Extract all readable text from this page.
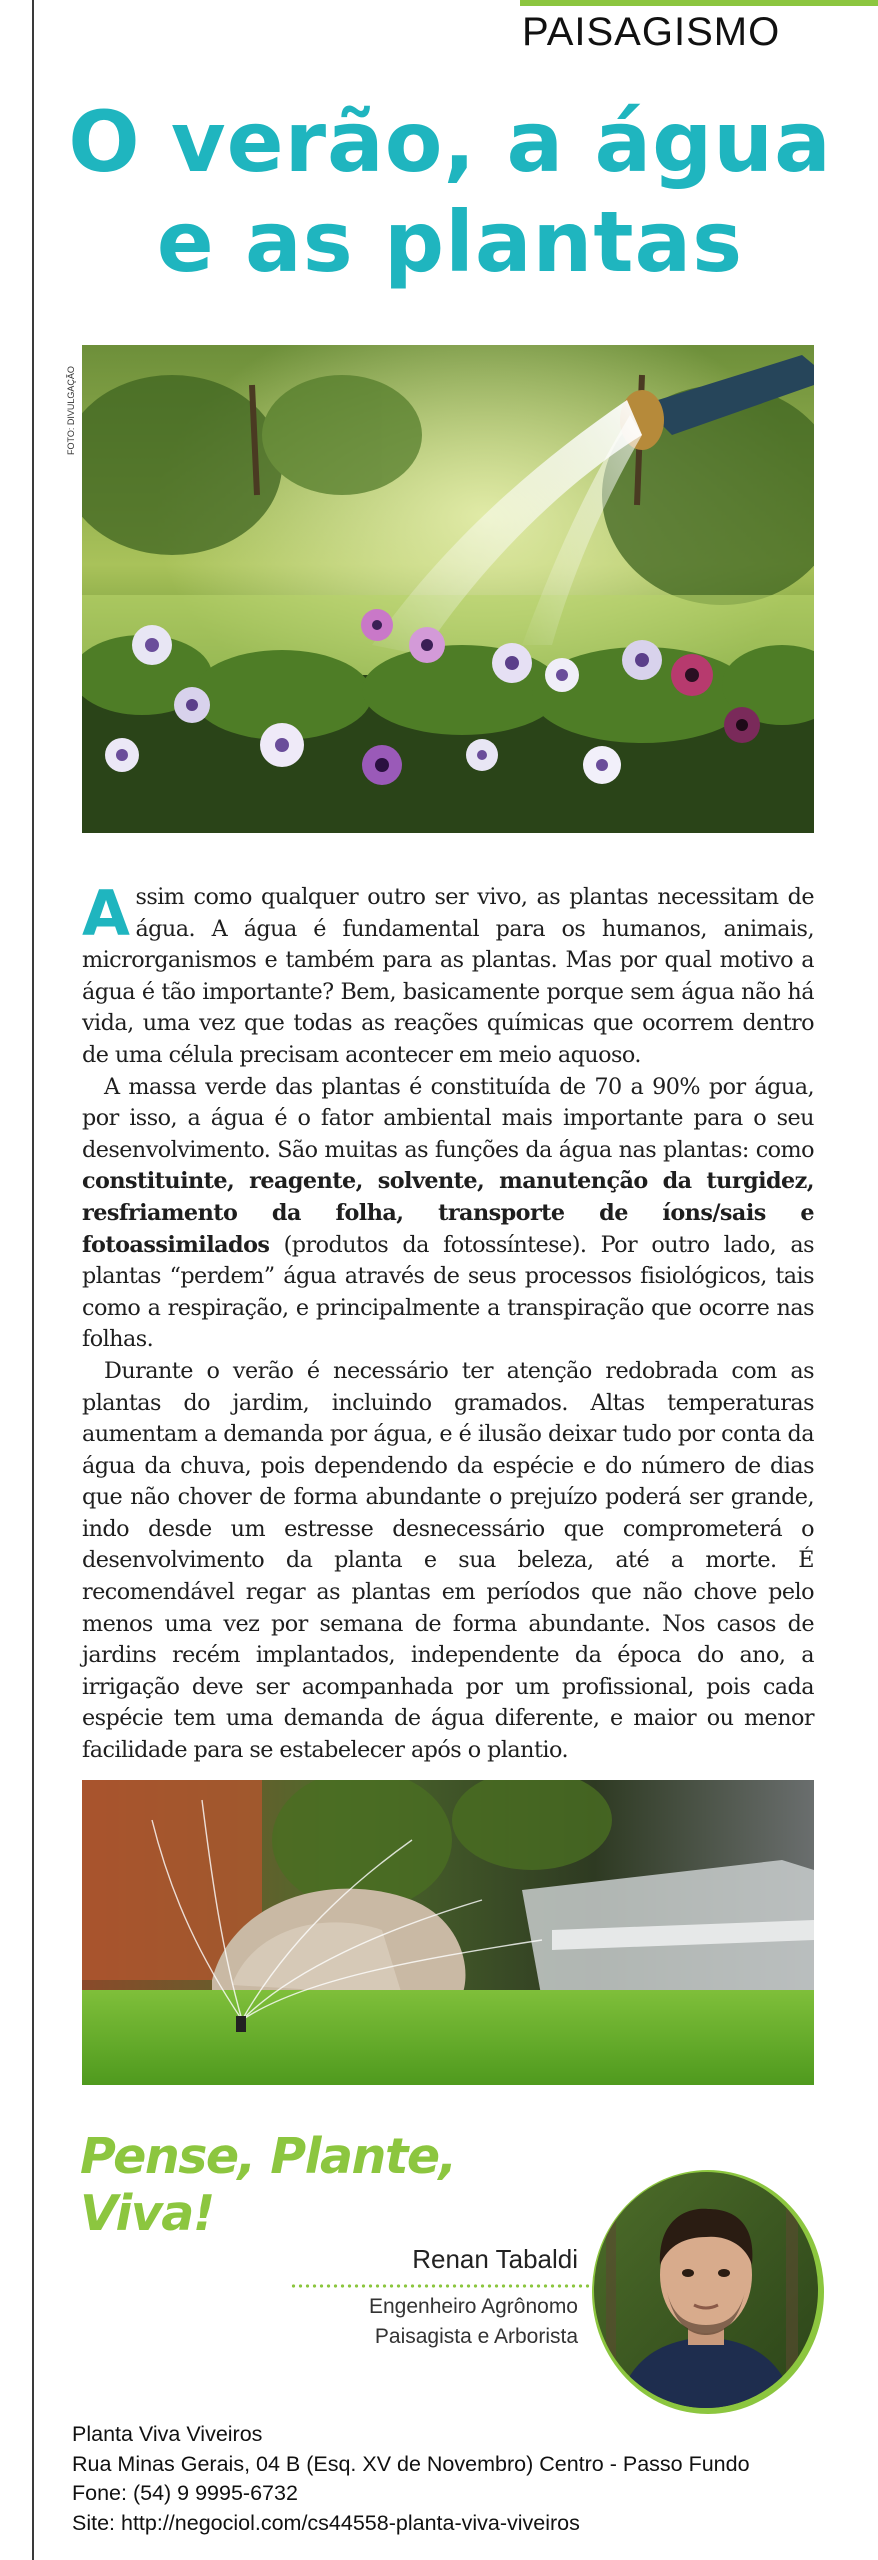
PAISAGISMO
O verão, a água
e as plantas
FOTO: DIVULGAÇÃO

Assim como qualquer outro ser vivo, as plantas necessitam de água. A água é fundamental para os humanos, animais, microrganismos e também para as plantas. Mas por qual motivo a água é tão importante? Bem, basicamente porque sem água não há vida, uma vez que todas as reações químicas que ocorrem dentro de uma célula precisam acontecer em meio aquoso.

A massa verde das plantas é constituída de 70 a 90% por água, por isso, a água é o fator ambiental mais importante para o seu desenvolvimento. São muitas as funções da água nas plantas: como constituinte, reagente, solvente, manutenção da turgidez, resfriamento da folha, transporte de íons/sais e fotoassimilados (produtos da fotossíntese). Por outro lado, as plantas “perdem” água através de seus processos fisiológicos, tais como a respiração, e principalmente a transpiração que ocorre nas folhas.

Durante o verão é necessário ter atenção redobrada com as plantas do jardim, incluindo gramados. Altas temperaturas aumentam a demanda por água, e é ilusão deixar tudo por conta da água da chuva, pois dependendo da espécie e do número de dias que não chover de forma abundante o prejuízo poderá ser grande, indo desde um estresse desnecessário que comprometerá o desenvolvimento da planta e sua beleza, até a morte. É recomendável regar as plantas em períodos que não chove pelo menos uma vez por semana de forma abundante. Nos casos de jardins recém implantados, independente da época do ano, a irrigação deve ser acompanhada por um profissional, pois cada espécie tem uma demanda de água diferente, e maior ou menor facilidade para se estabelecer após o plantio.

Pense, Plante, Viva!
Renan Tabaldi
Engenheiro Agrônomo
Paisagista e Arborista
Planta Viva Viveiros
Rua Minas Gerais, 04 B (Esq. XV de Novembro) Centro - Passo Fundo
Fone: (54) 9 9995-6732
Site: http://negociol.com/cs44558-planta-viva-viveiros
